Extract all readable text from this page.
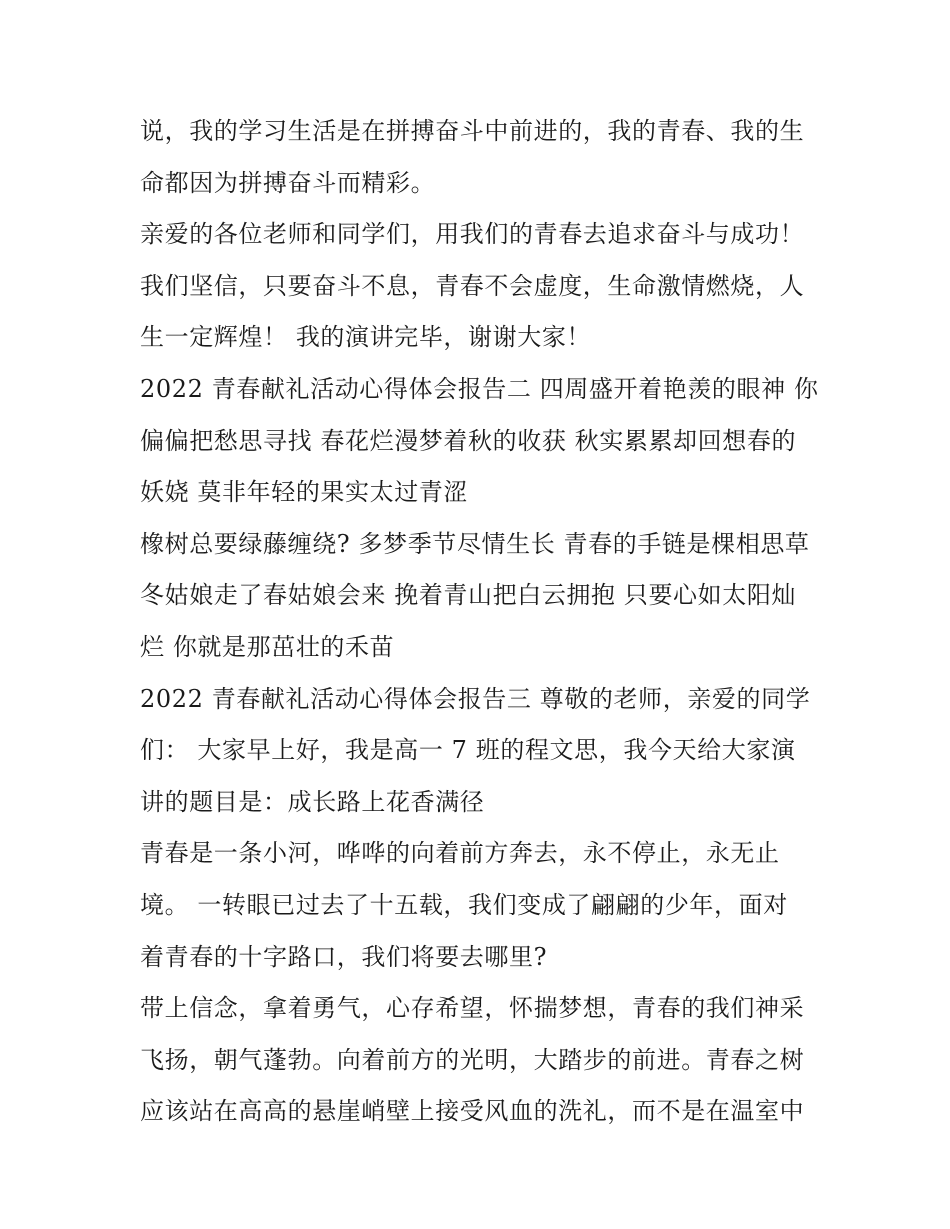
说，我的学习生活是在拼搏奋斗中前进的，我的青春、我的生
命都因为拼搏奋斗而精彩。
亲爱的各位老师和同学们，用我们的青春去追求奋斗与成功！
我们坚信，只要奋斗不息，青春不会虚度，生命激情燃烧，人
生一定辉煌！ 我的演讲完毕，谢谢大家！
2022 青春献礼活动心得体会报告二 四周盛开着艳羡的眼神 你
偏偏把愁思寻找 春花烂漫梦着秋的收获 秋实累累却回想春的
妖娆 莫非年轻的果实太过青涩
橡树总要绿藤缠绕? 多梦季节尽情生长 青春的手链是棵相思草
冬姑娘走了春姑娘会来 挽着青山把白云拥抱 只要心如太阳灿
烂 你就是那茁壮的禾苗
2022 青春献礼活动心得体会报告三 尊敬的老师，亲爱的同学
们： 大家早上好，我是高一 7 班的程文思，我今天给大家演
讲的题目是：成长路上花香满径
青春是一条小河，哗哗的向着前方奔去，永不停止，永无止
境。 一转眼已过去了十五载，我们变成了翩翩的少年，面对
着青春的十字路口，我们将要去哪里?
带上信念，拿着勇气，心存希望，怀揣梦想，青春的我们神采
飞扬，朝气蓬勃。向着前方的光明，大踏步的前进。青春之树
应该站在高高的悬崖峭壁上接受风血的洗礼，而不是在温室中
